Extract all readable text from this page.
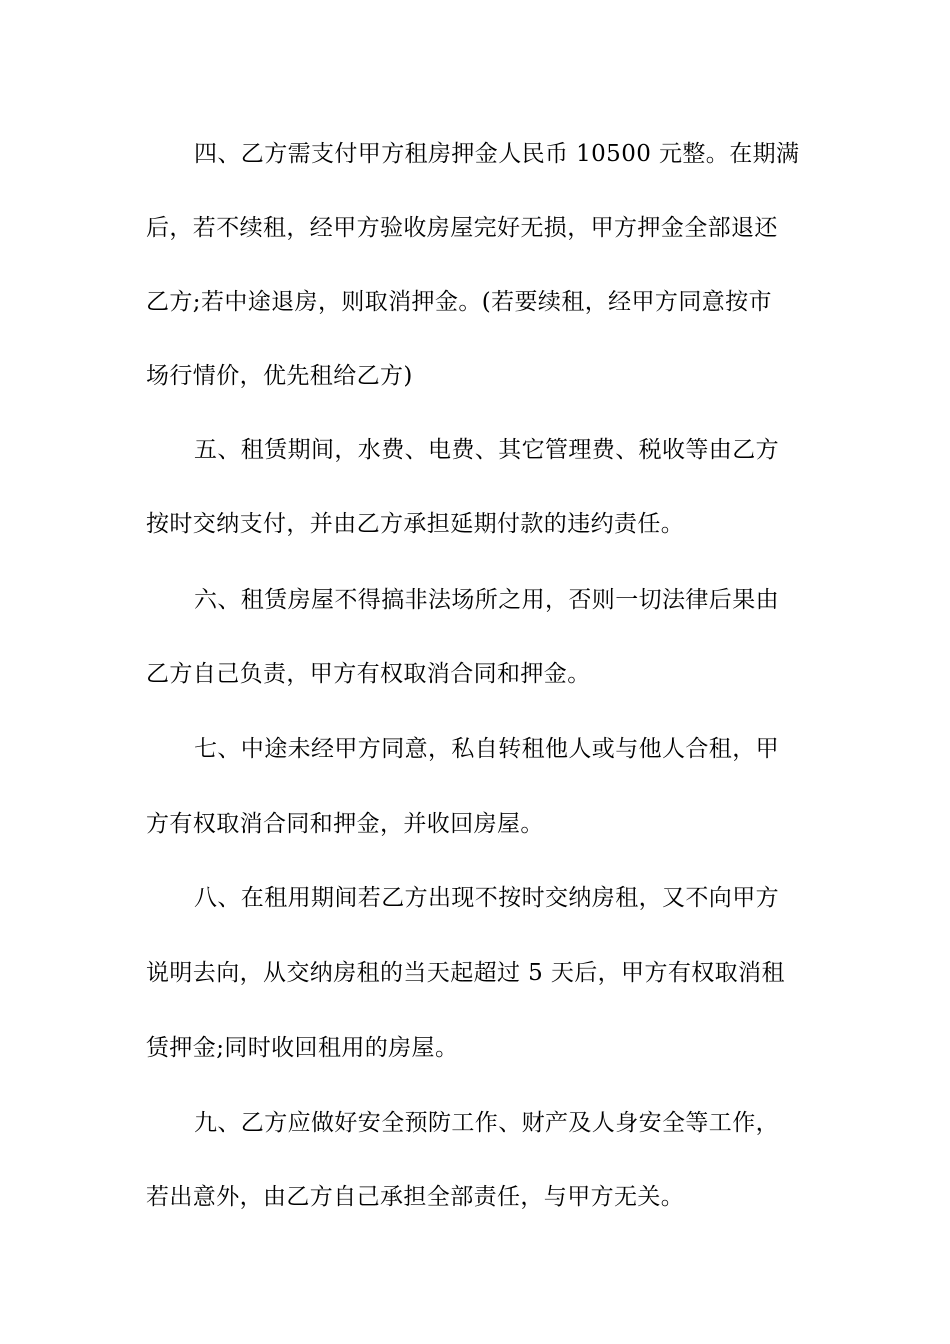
四、乙方需支付甲方租房押金人民币 10500 元整。在期满
后，若不续租，经甲方验收房屋完好无损，甲方押金全部退还
乙方;若中途退房，则取消押金。(若要续租，经甲方同意按市
场行情价，优先租给乙方)
五、租赁期间，水费、电费、其它管理费、税收等由乙方
按时交纳支付，并由乙方承担延期付款的违约责任。
六、租赁房屋不得搞非法场所之用，否则一切法律后果由
乙方自己负责，甲方有权取消合同和押金。
七、中途未经甲方同意，私自转租他人或与他人合租，甲
方有权取消合同和押金，并收回房屋。
八、在租用期间若乙方出现不按时交纳房租，又不向甲方
说明去向，从交纳房租的当天起超过 5 天后，甲方有权取消租
赁押金;同时收回租用的房屋。
九、乙方应做好安全预防工作、财产及人身安全等工作，
若出意外，由乙方自己承担全部责任，与甲方无关。
